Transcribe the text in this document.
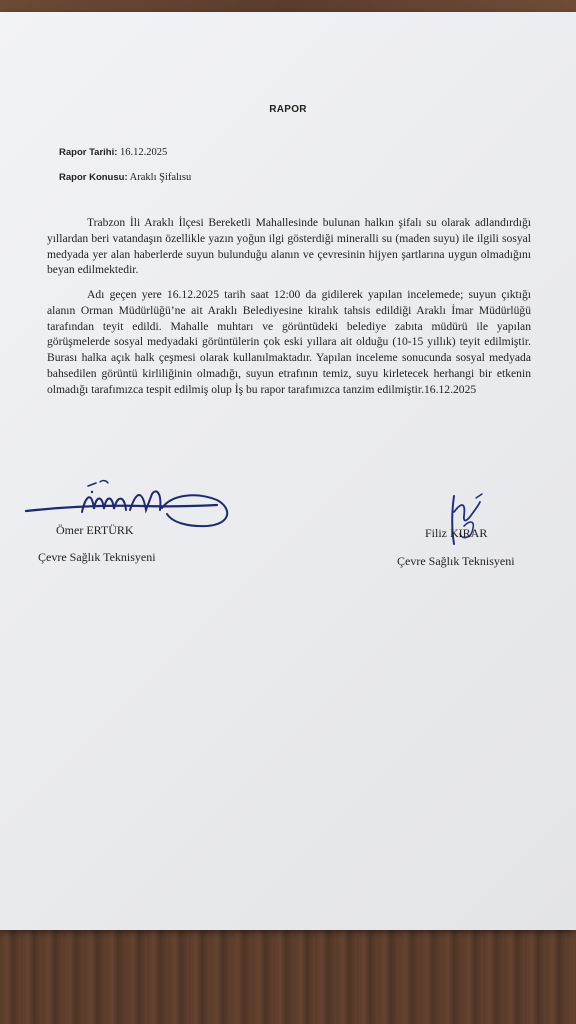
RAPOR
Rapor Tarihi: 16.12.2025
Rapor Konusu: Araklı Şifalısu

Trabzon İli Araklı İlçesi Bereketli Mahallesinde bulunan halkın şifalı su olarak adlandırdığı yıllardan beri vatandaşın özellikle yazın yoğun ilgi gösterdiği mineralli su (maden suyu) ile ilgili sosyal medyada yer alan haberlerde suyun bulunduğu alanın ve çevresinin hijyen şartlarına uygun olmadığını beyan edilmektedir.

Adı geçen yere 16.12.2025 tarih saat 12:00 da gidilerek yapılan incelemede; suyun çıktığı alanın Orman Müdürlüğü’ne ait Araklı Belediyesine kiralık tahsis edildiği Araklı İmar Müdürlüğü tarafından teyit edildi. Mahalle muhtarı ve görüntüdeki belediye zabıta müdürü ile yapılan görüşmelerde sosyal medyadaki görüntülerin çok eski yıllara ait olduğu (10-15 yıllık) teyit edilmiştir. Burası halka açık halk çeşmesi olarak kullanılmaktadır. Yapılan inceleme sonucunda sosyal medyada bahsedilen görüntü kirliliğinin olmadığı, suyun etrafının temiz, suyu kirletecek herhangi bir etkenin olmadığı tarafımızca tespit edilmiş olup İş bu rapor tarafımızca tanzim edilmiştir.16.12.2025

Ömer ERTÜRK
Çevre Sağlık Teknisyeni
Filiz KIRAR
Çevre Sağlık Teknisyeni
